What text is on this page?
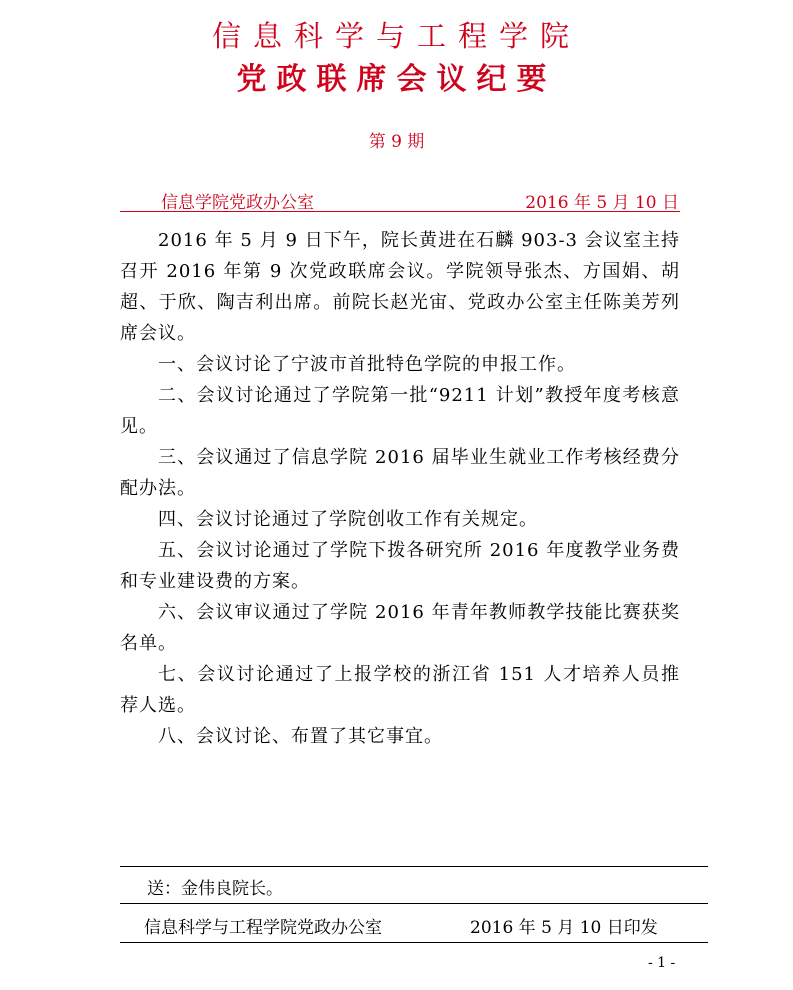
信息科学与工程学院
党政联席会议纪要
第 9 期
信息学院党政办公室	2016 年 5 月 10 日

2016 年 5 月 9 日下午，院长黄进在石麟 903-3 会议室主持召开 2016 年第 9 次党政联席会议。学院领导张杰、方国娟、胡超、于欣、陶吉利出席。前院长赵光宙、党政办公室主任陈美芳列席会议。

一、会议讨论了宁波市首批特色学院的申报工作。

二、会议讨论通过了学院第一批“9211 计划”教授年度考核意见。

三、会议通过了信息学院 2016 届毕业生就业工作考核经费分配办法。

四、会议讨论通过了学院创收工作有关规定。

五、会议讨论通过了学院下拨各研究所 2016 年度教学业务费和专业建设费的方案。

六、会议审议通过了学院 2016 年青年教师教学技能比赛获奖名单。

七、会议讨论通过了上报学校的浙江省 151 人才培养人员推荐人选。

八、会议讨论、布置了其它事宜。

送：金伟良院长。
信息科学与工程学院党政办公室	2016 年 5 月 10 日印发
- 1 -
